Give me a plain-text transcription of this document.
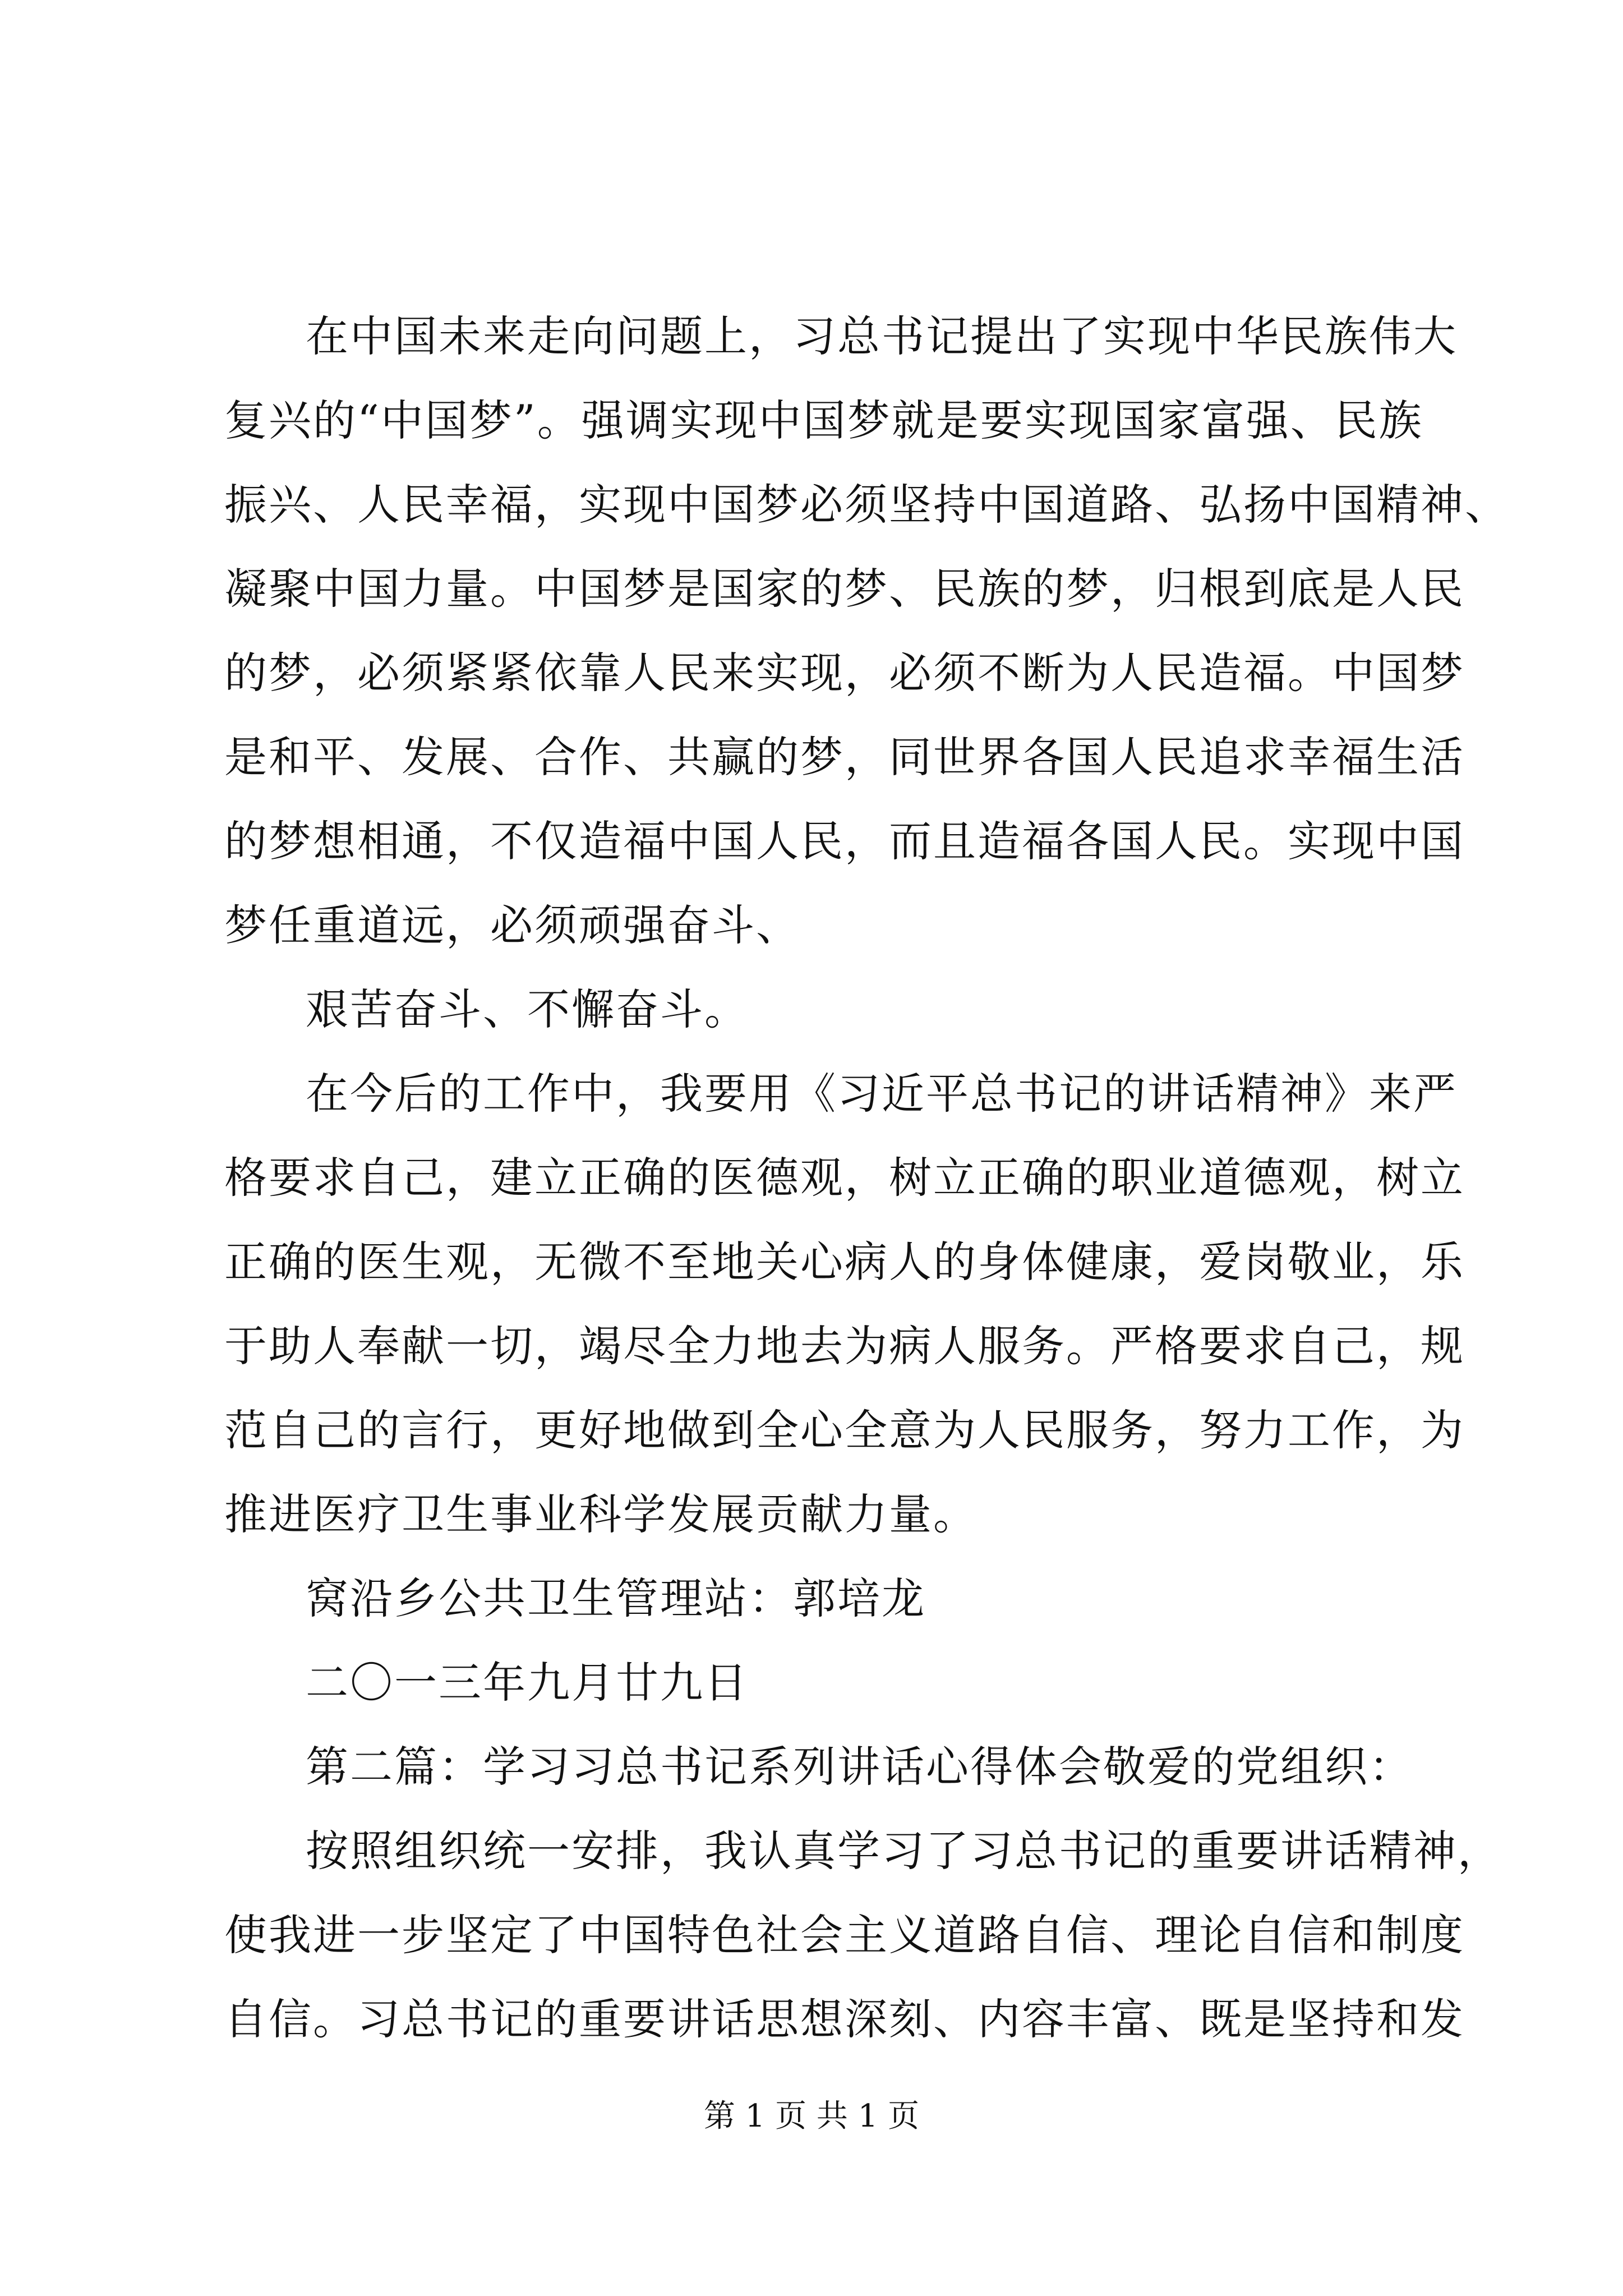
在中国未来走向问题上，习总书记提出了实现中华民族伟大
复兴的“中国梦”。强调实现中国梦就是要实现国家富强、民族
振兴、人民幸福，实现中国梦必须坚持中国道路、弘扬中国精神、
凝聚中国力量。中国梦是国家的梦、民族的梦，归根到底是人民
的梦，必须紧紧依靠人民来实现，必须不断为人民造福。中国梦
是和平、发展、合作、共赢的梦，同世界各国人民追求幸福生活
的梦想相通，不仅造福中国人民，而且造福各国人民。实现中国
梦任重道远，必须顽强奋斗、
艰苦奋斗、不懈奋斗。
在今后的工作中，我要用《习近平总书记的讲话精神》来严
格要求自己，建立正确的医德观，树立正确的职业道德观，树立
正确的医生观，无微不至地关心病人的身体健康，爱岗敬业，乐
于助人奉献一切，竭尽全力地去为病人服务。严格要求自己，规
范自己的言行，更好地做到全心全意为人民服务，努力工作，为
推进医疗卫生事业科学发展贡献力量。
窝沿乡公共卫生管理站：郭培龙
二〇一三年九月廿九日
第二篇：学习习总书记系列讲话心得体会敬爱的党组织：
按照组织统一安排，我认真学习了习总书记的重要讲话精神，
使我进一步坚定了中国特色社会主义道路自信、理论自信和制度
自信。习总书记的重要讲话思想深刻、内容丰富、既是坚持和发
第 1 页 共 1 页
